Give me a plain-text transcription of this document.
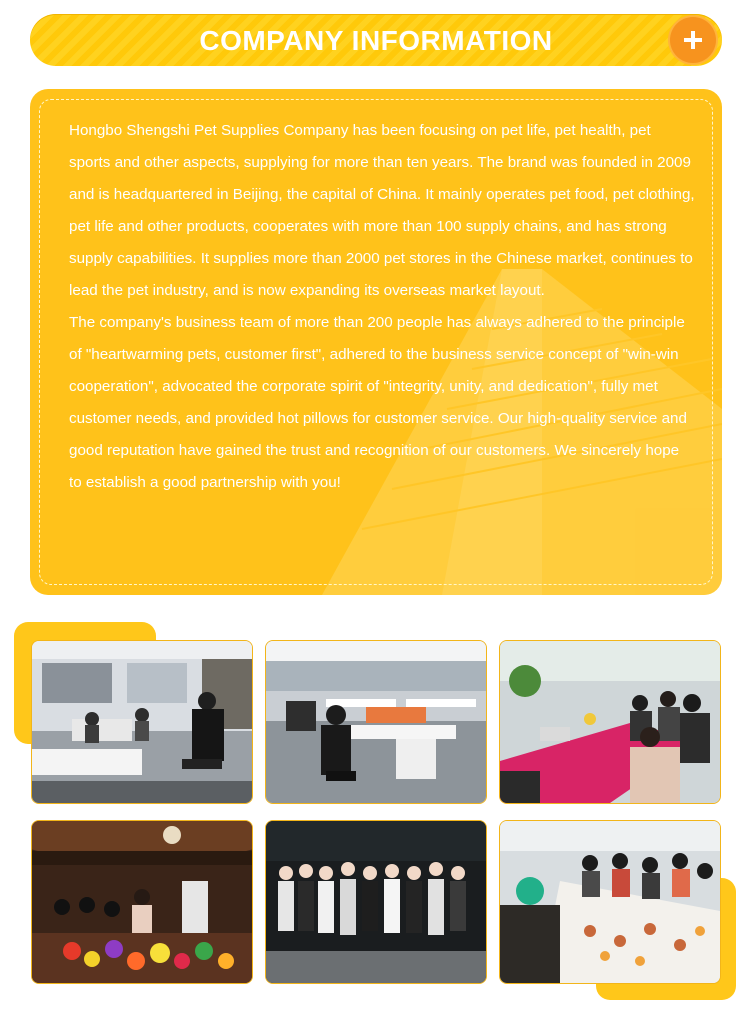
COMPANY INFORMATION

Hongbo Shengshi Pet Supplies Company has been focusing on pet life, pet health, pet sports and other aspects, supplying for more than ten years. The brand was founded in 2009 and is headquartered in Beijing, the capital of China. It mainly operates pet food, pet clothing, pet life and other products, cooperates with more than 100 supply chains, and has strong supply capabilities. It supplies more than 2000 pet stores in the Chinese market, continues to lead the pet industry, and is now expanding its overseas market layout.

The company's business team of more than 200 people has always adhered to the principle of "heartwarming pets, customer first", adhered to the business service concept of "win-win cooperation", advocated the corporate spirit of "integrity, unity, and dedication", fully met customer needs, and provided hot pillows for customer service. Our high-quality service and good reputation have gained the trust and recognition of our customers. We sincerely hope to establish a good partnership with you!
